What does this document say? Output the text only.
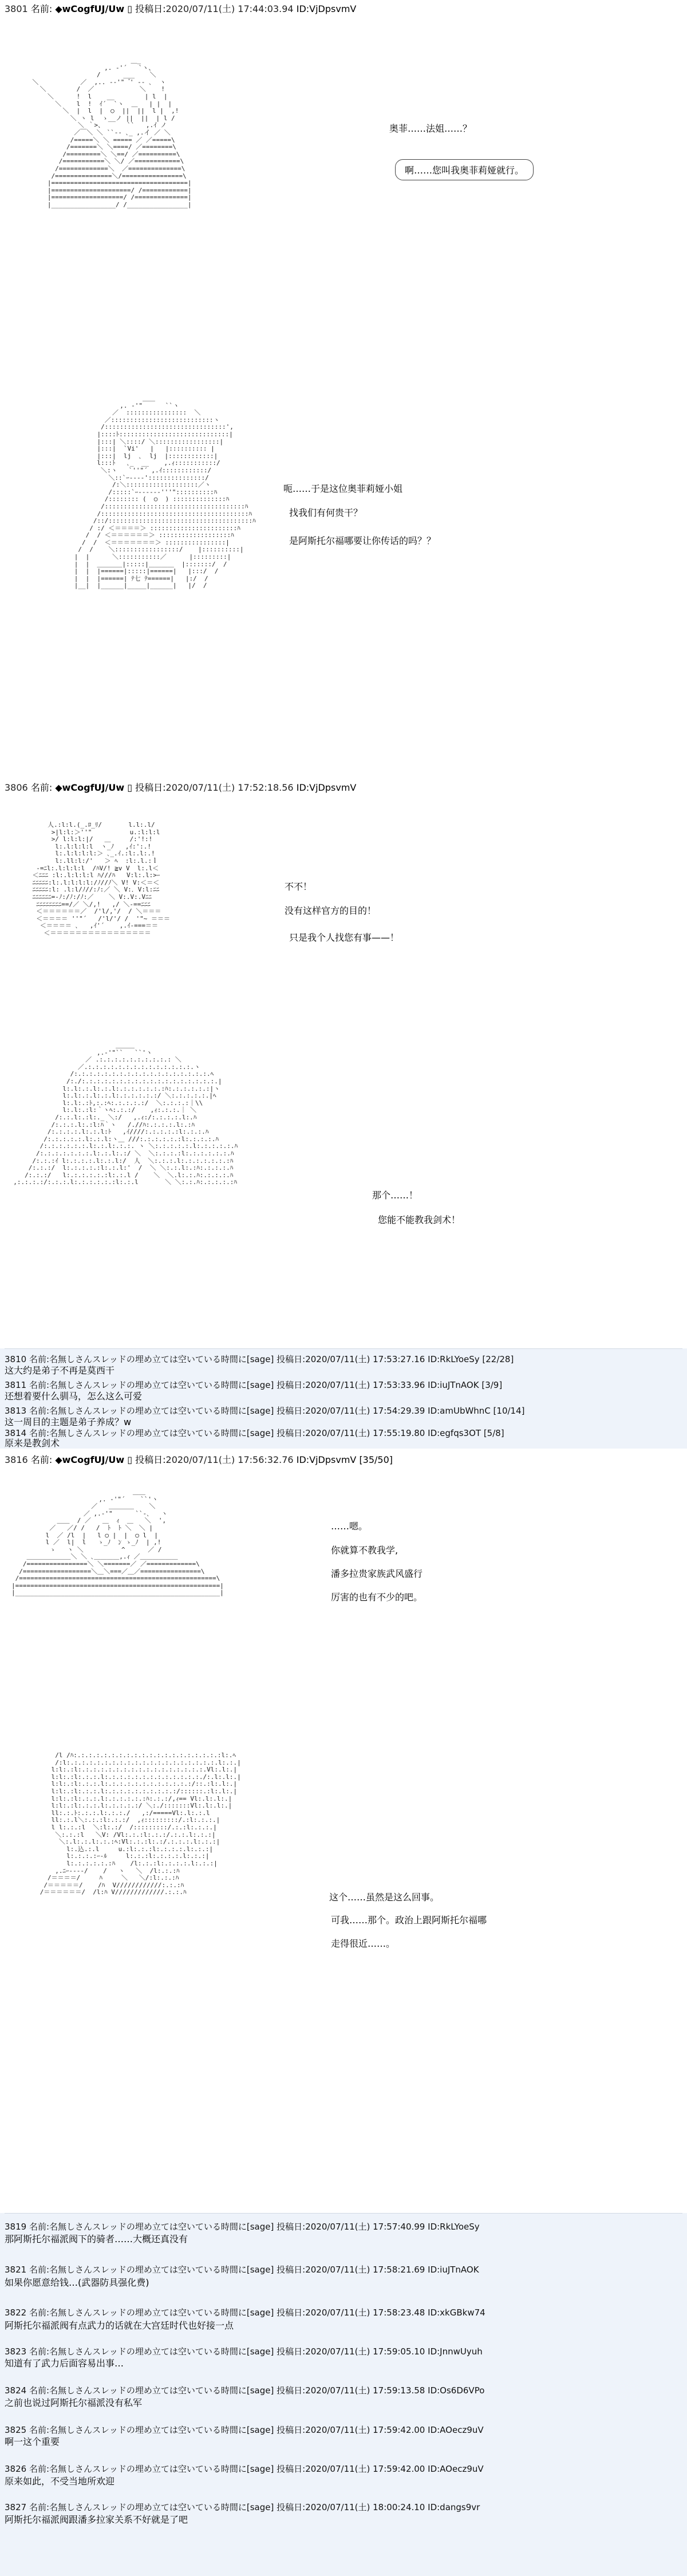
3801 名前: ◆wCogfUJ/Uw ▯ 投稿日:2020/07/11(土) 17:44:03.94 ID:VjDpsvmV
＿_
,. ‐'´   `ヽ、
/      ___    ＼
＼           ／  ,.. -‐'"  ゙' ‐- ､  ヽ
＼        /  ／            ＼    !
＼      !  l    __        | l  |
＼    l  !  ｲ´  `ヽ  ＿   | |  |
＼  |  l  |  ○  ||  ||  l |  ,!
＼ ヽ l  ゝ__ノ ||  ||  | l /
＼ ｀>、      ``   ,.ｲ ノ
／￣＼ ＼ ``‐- ､_ ,.イ ／ ＼
/=====＼ ＼ ===== ／ ／=====\
/=======＼ ＼====/ ／========\
/=========＼ ＼==/ ／==========\
/===========＼ ＼/ ／============\
/=============＼  ／==============\
/===============＼/================\
|====================================|
|=====================/ /============|
|===================/ /==============|
|_________________/ /________________|
奥菲……法姐……？
啊……您叫我奥菲莉娅就行。
＿＿
,. ‐'"      ``ヽ
／  ::::::::::::::::  ＼
／:::::::::::::::::::::::::::ヽ
/::::::::::::::::::::::::::::::::',
|::::ﾄ:::::::::::::::::::::::::::::|
|:::| ＼::::/ ＼:::::::::::::::::|
|:::|  `Vi'   |   |:::::::::: |
|:::|  lj  ､  lj  |::::::::::::|
l:::ﾄ   ､_  __    ,.ｨ:::::::::::/
＼:ヽ   `''"´ ,.ｲ::::::::::::/
＼::`ｰ‐--‐':::::::::::::::/
/:＼:::::::::::::::::::／ヽ
/:::::`ｰ-----‐'''"::::::::::ﾊ
/:::::::: (  ○  ) ::::::::::::::ﾊ
/:::::::::::::::::::::::::::::::::::::ﾊ
/:::::::::::::::::::::::::::::::::::::::ﾊ
/::/::::::::::::::::::::::::::::::::::::::ﾊ
/ :/ ＜＝＝＝＝＞ :::::::::::::::::::::::ﾊ
/  / ＜＝＝＝＝＝＝＞ :::::::::::::::::::ﾊ
/  /  ＜＝＝＝＝＝＝＝＞ ::::::::::::::::|
/  /    ＼:::::::::::::::::/    |::::::::::|
|  |      ＼:::::::::::／      |:::::::::|
|  |  ＿＿＿＿|:::::|＿＿＿＿  |:::::::/  /
|  |  |======|:::::|======|   |:::/  /
|  |  |======| ﾃ七 ﾃ======|   |:/  /
|__|  |______|_____|______|   |/  /
呃……于是这位奥菲莉娅小姐
找我们有何贵干？
是阿斯托尔福哪要让你传话的吗？？
3806 名前: ◆wCogfUJ/Uw ▯ 投稿日:2020/07/11(土) 17:52:18.56 ID:VjDpsvmV
人.:l:l.(_.ﾛ_ﾘ/       l.l:.l/
>|l:l:＞''"          u.:l:l:l
>/ l:l:l:|/   ＿     /:'!:!
l:.l:l:l:l  ヽ_ﾉ   ,ｲ:':.!
l:.l:l:l:l:＞ ､_.ｲ.:l:.l:.!
l:.ll:l:/'   ＞ ﾍ  :l:.l.:ｌ
‐=ﾆl:.l:l:l:l  /ﾊV/! ≧v V  l:.l＜
＜ﾆﾆﾆ :l:.l:l:l:l ﾊ///ﾊ   V:l:.l:>ｰ
ﾆﾆﾆﾆﾆ:l:.l:l:l:l:/ﾉ//ﾉ＼ V! V:＜＝＜
ﾆﾆﾆﾆﾆ:l: .l:l/ﾉ//:ﾉ:／ ＼ V:．V:l:ﾆﾆ
ﾆﾆﾆﾆﾆﾆ=-ﾉ:/ﾉ:/ﾉ:／    ＼ V:.V:.Vﾆﾆ
ﾆﾆﾆﾆﾆﾆﾆﾆ==/／ ＼/,!   ,/ ＼‐==ﾆﾆﾆ
＜＝＝＝＝＝＝／  /'l/,'/  / ＼＝＝＝
＜＝＝＝＝ ''"´   /'l/'/ /  '"~ ＝＝＝
＜＝＝＝＝ ､   ,ｲ'´    ,.ｲ‐===＝＝
＜＝＝＝＝＝＝＝＝＝＝＝＝＝＝＝＝
不不！
没有这样官方的目的！
只是我个人找您有事——！
＿＿＿
,.-'"``   ``'ヽ
／ .:.:.:.:.:.:.:.:.:.: ＼
／.:.:.:.:.:.:.:.:.:.:.:.:.:.:.ヽ
/:.:.:.:.:.:.:.:.:.:.:.:.:.:.:.:.:.:.ﾍ
/:./:.:.:.:.:.:.:.:.:.:.:.:.:.:.:.:.:.:.|
l:.l:.:.l:.:.l:.:.:.:.:.:.:ﾊ:.:.:.:.:.:|ヽ
l:.l:.:.l:.:.l:.:.:.:.:.:/ ＼:.:.:.:.:.|ﾍ
l:.l:.:ﾄ,:.:ﾍ:.:.:.:.:/  ＼:.:.:.:｜\\
l:.l:.:l:｀ヽﾍ:.:.:/    ,ｨ:.:.:.｜ ＼
/:.:.l:.:l:._ ＼:/   ,.ｨ:/:.:.:.:.l:.ﾊ
/:.:.:.l:.:l:ﾊ｀ヽ   /.//ﾊ:.:.:.:.l:.:ﾊ
/:.:.:.:.l:.:.l:ﾄ   ,ｲ////:.:.:.:.:l:.:.:.ﾊ
/:.:.:.:.:.l:.:.l:ヽ＿ ///:.:.:.:.:.:l:.:.:.:.ﾊ
/:.:.:.:.:.:.l:.:.l:.:.:. ヽ ＼:.:.:.:.:.l:.:.:.:.:.ﾊ
/:.:.:.:.:.:.:.l:.:.l:.:/ ＼  ＼:.:.:.:l:.:.:.:.:.:.ﾊ
/:.:.:ｲ l:.:.:.:.l:.:.l:/  人  ＼:.:.:.l:.:.:.:.:.:.:ﾊ
/:.:.:/  l:.:.:.:.:l:.:.l:'  /  ＼ ＼:.:.l:.:ﾊ:.:.:.:.ﾊ
/:.:.:/   l:.:.:.:.:.:l:.:.l /    ＼  ＼.l:.:.ﾊ:.:.:.:.ﾊ
,:.:.:.:/:.:.:.l:.:.:.:.:.:l:.:.l       ＼ ＼:.:.ﾊ:.:.:.:.:ﾊ
那个……！
您能不能教我剑术！
3810 名前:名無しさんスレッドの埋め立ては空いている時間に[sage] 投稿日:2020/07/11(土) 17:53:27.16 ID:RkLYoeSy [22/28]
这大约是弟子不再是莫西干
3811 名前:名無しさんスレッドの埋め立ては空いている時間に[sage] 投稿日:2020/07/11(土) 17:53:33.96 ID:iuJTnAOK [3/9]
还想着要什么驯马，怎么这么可爱
3813 名前:名無しさんスレッドの埋め立ては空いている時間に[sage] 投稿日:2020/07/11(土) 17:54:29.39 ID:amUbWhnC [10/14]
这一周目的主题是弟子养成？w
3814 名前:名無しさんスレッドの埋め立ては空いている時間に[sage] 投稿日:2020/07/11(土) 17:55:19.80 ID:egfqs3OT [5/8]
原来是教剑术
3816 名前: ◆wCogfUJ/Uw ▯ 投稿日:2020/07/11(土) 17:56:32.76 ID:VjDpsvmV [35/50]
＿＿
,. ‐'"´    ``'ヽ
／   ＿＿＿＿    ＼
／ ,.-'"      ``-､   ヽ
＿＿  / ／   ＿  ｨ  ＿   ＼  ',
／   ／/ /   /  ﾄ  ﾄ ＼  ＼ |
l  ／ /l  |   l ○ |  |  ○ l  |
l ／  l|  l   ゝ_ﾉ  ﾝ ゝ_ﾉ  | ,!
ゝ   ヽ ＼          ^      ／ /
＿＿＿＿＿＿＿＼ ＼ ､＿＿＿＿,.ｨ ／＿＿＿＿＿＿
/================＼ ＼=======／ ／=============\
/==================＼＿＼===／＿／================\
/====================================================\
|======================================================|
|______________________________________________________|
……嗯。
你就算不教我学,
潘多拉贵家族武风盛行
厉害的也有不少的吧。
/l /ﾊ:.:.:.:.:.:.:.:.:.:.:.:.:.:.:.:.:.:.:.:l:.ﾍ
/:l:.:.:.:.:.:.:.:.:.:.:.:.:.:.:.:.:.:.:.:.l:.:.|
l:l:.:l:.:.:.:.:.:.:.:.:.:.:.:.:.:.:.:.:.Vl:.l:.|
l:l:.:l:.:.:.l:.:.:.:.:.:.:.:.:.:.:.:.:./:.l:.l:.|
l:l:.:l:.:.:.l:.:.:.:.:.:.:.:.:.:.:.:/::.:l:.l:.|
l:l:.:l:.:.:.l:.:.:.:.:.:.:.:.:.:/::::::.:l:.l:.|
l:l:.:l:.:.:.l:.:.:.:.:.:ﾊ:.:.:/,ｨ== Vl:.l:.l:.|
l:l:.:l:.:.:.l:.:.:.:.:/ ＼:./:::::::Vl:.l:.l:.|
ll:.:.ﾄ:.:.:.l:.:.:./   ,:/=====Vl:.l:.:.l
ll:.:.l＼:.:.:l:.:.:/  ,ｨ:::::::::/.:l:.:.:.|
l l:.:.:l  ＼:l:.:/  /:::::::::/.:.:l:.:.:.|
＼:.:.:l   ＼V: /Vl:.:.:l:.:.:/.:.:.l:.:.:|
＼:.l:.:.l:.:.:ﾍ:Vl:.:.:l:.:/.:.:.:.l:.:.:|
l:.込.:.l     u.:l:.:.:l:.:.:.:.l:.:.:|
l:.:.:.:ｰ-ﾙ     l:.:.:l:.:.:.:.l:.:.:|
l:.:.:.:.:.:ﾊ    /l:.:.:l:.:.:.:.l:.:.:|
,.ﾆｰ---‐/    /   ヽ   ＼  /l:.:.:ﾊ
/＝＝＝＝/     ﾊ     ＼   ＼/:l:.:.:ﾊ
/＝＝＝＝＝/    /ﾊ  V////////////:.:.:ﾊ
/＝＝＝＝＝＝/  /l:ﾊ V/////////////.:.:.ﾊ	这个……虽然是这么回事。
可我……那个。政治上跟阿斯托尔福哪
走得很近……。
3819 名前:名無しさんスレッドの埋め立ては空いている時間に[sage] 投稿日:2020/07/11(土) 17:57:40.99 ID:RkLYoeSy
那阿斯托尔福派阀下的骑者……大概还真没有
3821 名前:名無しさんスレッドの埋め立ては空いている時間に[sage] 投稿日:2020/07/11(土) 17:58:21.69 ID:iuJTnAOK
如果你愿意给钱…(武器防具强化费)
3822 名前:名無しさんスレッドの埋め立ては空いている時間に[sage] 投稿日:2020/07/11(土) 17:58:23.48 ID:xkGBkw74
阿斯托尔福派阀有点武力的话就在大宫廷时代也好接一点
3823 名前:名無しさんスレッドの埋め立ては空いている時間に[sage] 投稿日:2020/07/11(土) 17:59:05.10 ID:JnnwUyuh
知道有了武力后面容易出事…
3824 名前:名無しさんスレッドの埋め立ては空いている時間に[sage] 投稿日:2020/07/11(土) 17:59:13.58 ID:Os6D6VPo
之前也说过阿斯托尔福派没有私军
3825 名前:名無しさんスレッドの埋め立ては空いている時間に[sage] 投稿日:2020/07/11(土) 17:59:42.00 ID:AOecz9uV
啊一这个重要
3826 名前:名無しさんスレッドの埋め立ては空いている時間に[sage] 投稿日:2020/07/11(土) 17:59:42.00 ID:AOecz9uV
原来如此，不受当地所欢迎
3827 名前:名無しさんスレッドの埋め立ては空いている時間に[sage] 投稿日:2020/07/11(土) 18:00:24.10 ID:dangs9vr
阿斯托尔福派阀跟潘多拉家关系不好就是了吧
